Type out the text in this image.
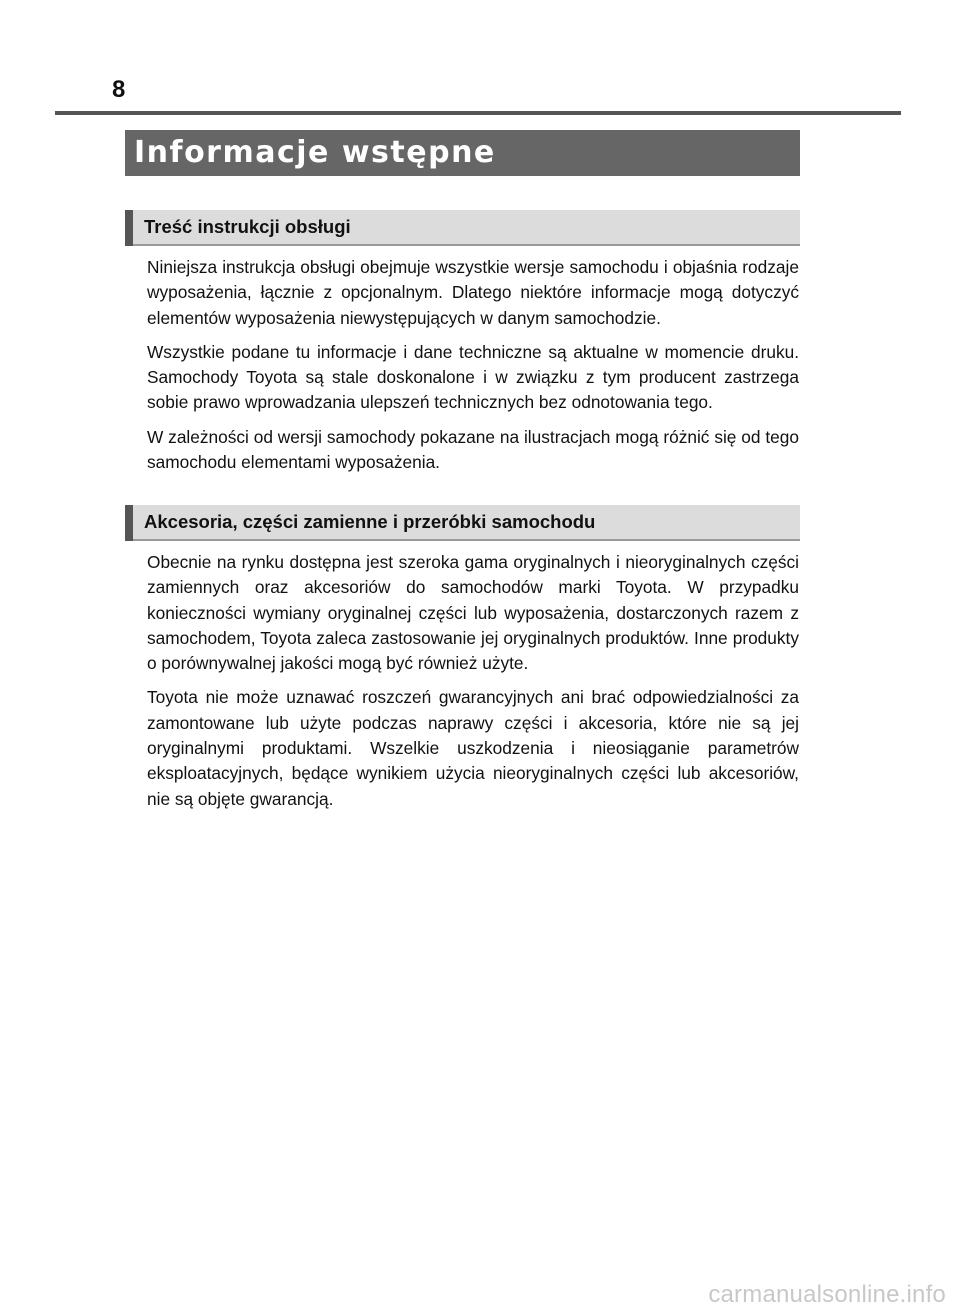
8
Informacje wstępne
Treść instrukcji obsługi

Niniejsza instrukcja obsługi obejmuje wszystkie wersje samochodu i objaśnia rodzaje wyposażenia, łącznie z opcjonalnym. Dlatego niektóre informacje mogą dotyczyć elementów wyposażenia niewystępujących w danym samochodzie.

Wszystkie podane tu informacje i dane techniczne są aktualne w momencie druku. Samochody Toyota są stale doskonalone i w związku z tym producent zastrzega sobie prawo wprowadzania ulepszeń technicznych bez odnotowania tego.

W zależności od wersji samochody pokazane na ilustracjach mogą różnić się od tego samochodu elementami wyposażenia.

Akcesoria, części zamienne i przeróbki samochodu

Obecnie na rynku dostępna jest szeroka gama oryginalnych i nieoryginalnych części zamiennych oraz akcesoriów do samochodów marki Toyota. W przypadku konieczności wymiany oryginalnej części lub wyposażenia, dostarczonych razem z samochodem, Toyota zaleca zastosowanie jej oryginalnych produktów. Inne produkty o porównywalnej jakości mogą być również użyte.

Toyota nie może uznawać roszczeń gwarancyjnych ani brać odpowiedzialności za zamontowane lub użyte podczas naprawy części i akcesoria, które nie są jej oryginalnymi produktami. Wszelkie uszkodzenia i nieosiąganie parametrów eksploatacyjnych, będące wynikiem użycia nieoryginalnych części lub akcesoriów, nie są objęte gwarancją.

carmanualsonline.info
